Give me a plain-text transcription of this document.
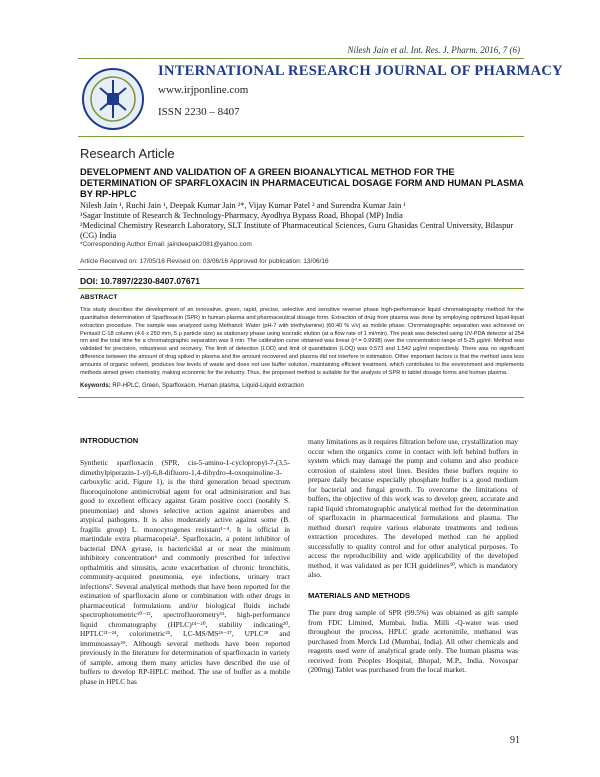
Nilesh Jain et al. Int. Res. J. Pharm. 2016, 7 (6)
INTERNATIONAL RESEARCH JOURNAL OF PHARMACY
www.irjponline.com
ISSN 2230 – 8407
Research Article
DEVELOPMENT AND VALIDATION OF A GREEN BIOANALYTICAL METHOD FOR THE DETERMINATION OF SPARFLOXACIN IN PHARMACEUTICAL DOSAGE FORM AND HUMAN PLASMA BY RP-HPLC
Nilesh Jain ¹, Ruchi Jain ¹, Deepak Kumar Jain ²*, Vijay Kumar Patel ² and Surendra Kumar Jain ¹
¹Sagar Institute of Research & Technology-Pharmacy, Ayodhya Bypass Road, Bhopal (MP) India
²Medicinal Chemistry Research Laboratory, SLT Institute of Pharmaceutical Sciences, Guru Ghasidas Central University, Bilaspur (CG) India
*Corresponding Author Email: jaindeepak2081@yahoo.com
Article Received on: 17/05/16 Revised on: 03/06/16 Approved for publication: 13/06/16
DOI: 10.7897/2230-8407.07671
ABSTRACT
This study describes the development of an innovative, green, rapid, precise, selective and sensitive reverse phase high-performance liquid chromatography method for the quantitative determination of Sparfloxacin (SPR) in human plasma and pharmaceutical dosage form. Extraction of drug from plasma was done by employing optimized liquid-liquid extraction procedure. The sample was analyzed using Methanol: Water (pH-7 with triethylamine) (60:40 % v/v) as mobile phase. Chromatographic separation was achieved on Pentasil C-18 column (4.6 x 250 mm, 5 μ particle size) as stationary phase using isocratic elution (at a flow rate of 1 ml/min). The peak was detected using UV-PDA detector at 254 nm and the total time for a chromatographic separation was 9 min. The calibration curve obtained was linear (r² = 0.9998) over the concentration range of 5-25 μg/ml. Method was validated for precision, robustness and recovery. The limit of detection (LOD) and limit of quantitation (LOQ) was 0.573 and 1.542 μg/ml respectively. There was no significant difference between the amount of drug spiked in plasma and the amount recovered and plasma did not interfere in estimation. Other important factors is that the method uses less amounts of organic solvent, produces low levels of waste and does not use buffer solution, maintaining efficient treatment, which contributes to the environment and implements methods aimed green chemistry, making economic for the industry. Thus, the proposed method is suitable for the analysis of SPR in tablet dosage forms and human plasma.
Keywords: RP-HPLC, Green, Sparfloxacin, Human plasma, Liquid-Liquid extraction
INTRODUCTION

Synthetic sparfloxacin (SPR, cis-5-amino-1-cyclopropyl-7-(3,5-dimethylpiperazin-1-yl)-6,8-difluoro-1,4-dihydro-4-oxoquinoline-3-carboxylic acid, Figure 1), is the third generation broad spectrum fluoroquinolone antimicrobial agent for oral administration and has good to excellent efficacy against Gram positive cocci (notably S. pneumoniae) and shows selective action against anaerobes and atypical pathogens. It is also moderately active against some (B. fragilis group) L. monocytogenes resistant¹⁻⁴. It is official in martindale extra pharmacopeia⁵. Sparfloxacin, a potent inhibitor of bacterial DNA gyrase, is bactericidal at or near the minimum inhibitory concentration⁶ and commonly prescribed for infective opthalmitis and sinusitis, acute exacerbation of chronic bronchitis, community-acquired pneumonia, eye infections, urinary tract infections⁷. Several analytical methods that have been reported for the estimation of sparfloxacin alone or combination with other drugs in pharmaceutical formulations and/or biological fluids include spectrophotometric¹⁰⁻¹², spectrofluorometry¹³, high-performance liquid chromatography (HPLC)¹⁴⁻²⁰, stability indicating²⁰, HPTLC²¹⁻²⁴, colorimetric²⁵, LC-MS/MS²⁶⁻²⁷, UPLC²⁸ and immunoassay²⁹. Although several methods have been reported previously in the literature for determination of sparfloxacin in variety of sample, among them many articles have described the use of buffers to develop RP-HPLC method. The use of buffer as a mobile phase in HPLC has

many limitations as it requires filtration before use, crystallization may occur when the organics come in contact with left behind buffers in system which may damage the pump and column and also produce corrosion of stainless steel lines. Besides these buffers require to prepare daily because especially phosphate buffer is a good medium for bacterial and fungal growth. To overcome the limitations of buffers, the objective of this work was to develop green, accurate and rapid liquid chromatographic analytical method for the determination of sparfloxacin in pharmaceutical formulations and plasma. The method doesn't require various elaborate treatments and tedious extraction procedures. The developed method can be applied successfully to quality control and for other analytical purposes. To access the reproducibility and wide applicability of the developed method, it was validated as per ICH guidelines³⁰, which is mandatory also.

MATERIALS AND METHODS

The pure drug sample of SPR (99.5%) was obtained as gift sample from FDC Limited, Mumbai, India. Milli -Q-water was used throughout the process, HPLC grade acetonitrile, methanol was purchased from Merck Ltd (Mumbai, India). All other chemicals and reagents used were of analytical grade only. The human plasma was received from Peoples Hospital, Bhopal, M.P., India. Novospar (200mg) Tablet was purchased from the local market.

91
